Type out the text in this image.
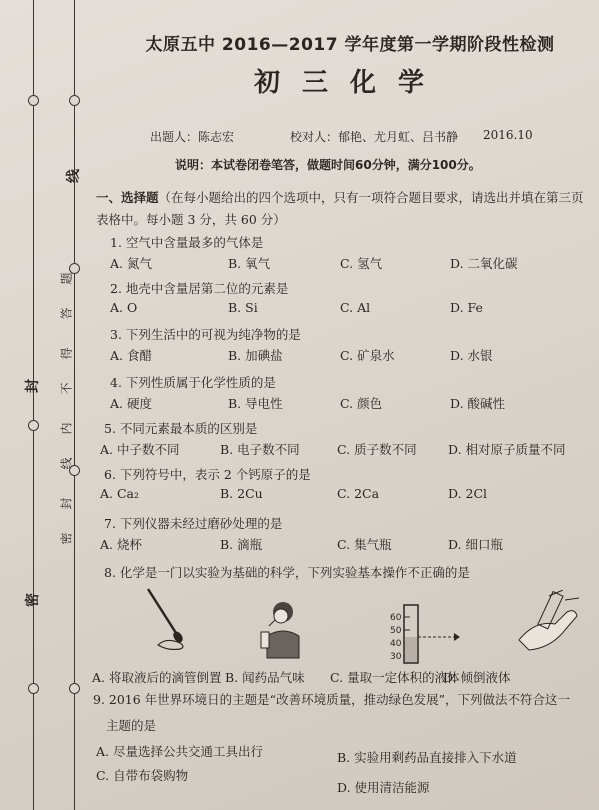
线
封
密
题
答
得
不
内
线
封
密
太原五中 2016—2017 学年度第一学期阶段性检测
初三化学
出题人：陈志宏	校对人：郁艳、尤月虹、吕书静 2016.10
说明：本试卷闭卷笔答，做题时间60分钟，满分100分。
一、选择题（在每小题给出的四个选项中，只有一项符合题目要求，请选出并填在第三页表格中。每小题 3 分，共 60 分）
1. 空气中含量最多的气体是
A. 氮气	B. 氧气	C. 氢气	D. 二氧化碳
2. 地壳中含量居第二位的元素是
A. O	B. Si	C. Al	D. Fe
3. 下列生活中的可视为纯净物的是
A. 食醋	B. 加碘盐	C. 矿泉水	D. 水银
4. 下列性质属于化学性质的是
A. 硬度	B. 导电性	C. 颜色	D. 酸碱性
5. 不同元素最本质的区别是
A. 中子数不同	B. 电子数不同	C. 质子数不同	D. 相对原子质量不同
6. 下列符号中，表示 2 个钙原子的是
A. Ca₂	B. 2Cu	C. 2Ca	D. 2Cl
7. 下列仪器未经过磨砂处理的是
A. 烧杯	B. 滴瓶	C. 集气瓶	D. 细口瓶
8. 化学是一门以实验为基础的科学，下列实验基本操作不正确的是
A. 将取液后的滴管倒置 B. 闻药品气味 C. 量取一定体积的液体
D. 倾倒液体
60
50
40
30
9. 2016 年世界环境日的主题是“改善环境质量，推动绿色发展”，下列做法不符合这一
主题的是
A. 尽量选择公共交通工具出行	B. 实验用剩药品直接排入下水道
C. 自带布袋购物
D. 使用清洁能源
